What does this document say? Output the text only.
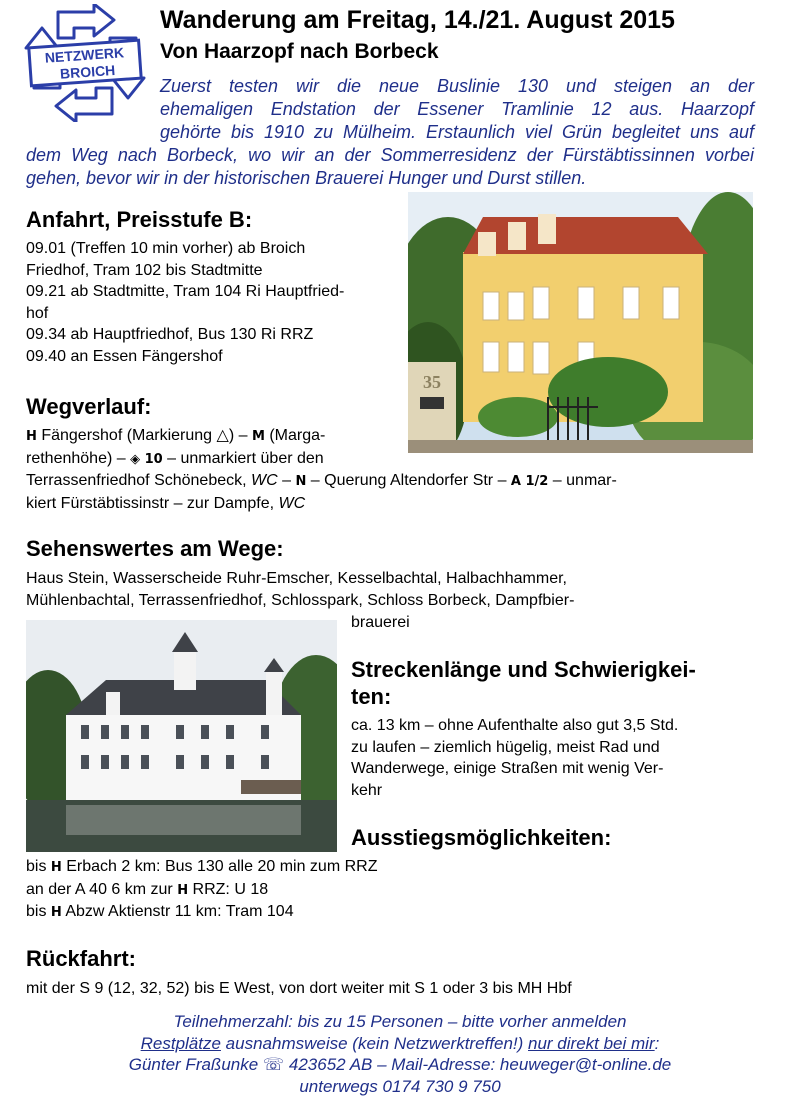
NETZWERK
BROICH
Wanderung am Freitag, 14./21. August 2015
Von Haarzopf nach Borbeck
Zuerst testen wir die neue Buslinie 130 und steigen an der
ehemaligen Endstation der Essener Tramlinie 12 aus. Haarzopf
gehörte bis 1910 zu Mülheim. Erstaunlich viel Grün begleitet uns auf
dem Weg nach Borbeck, wo wir an der Sommerresidenz der Fürstäbtissinnen vorbei
gehen, bevor wir in der historischen Brauerei Hunger und Durst stillen.
Anfahrt, Preisstufe B:
09.01 (Treffen 10 min vorher) ab Broich
Friedhof, Tram 102 bis Stadtmitte
09.21 ab Stadtmitte, Tram 104 Ri Hauptfried-
hof
09.34 ab Hauptfriedhof, Bus 130 Ri RRZ
09.40 an Essen Fängershof
35
Wegverlauf:
H Fängershof (Markierung △) – M (Marga-
rethenhöhe) – ◈ 10 – unmarkiert über den
Terrassenfriedhof Schönebeck, WC – N – Querung Altendorfer Str – A 1/2 – unmar-
kiert Fürstäbtissinstr – zur Dampfe, WC
Sehenswertes am Wege:
Haus Stein, Wasserscheide Ruhr-Emscher, Kesselbachtal, Halbachhammer,
Mühlenbachtal, Terrassenfriedhof, Schlosspark, Schloss Borbeck, Dampfbier-
brauerei
Streckenlänge und Schwierigkei-
ten:
ca. 13 km – ohne Aufenthalte also gut 3,5 Std.
zu laufen – ziemlich hügelig, meist Rad und
Wanderwege, einige Straßen mit wenig Ver-
kehr
Ausstiegsmöglichkeiten:
bis H Erbach 2 km: Bus 130 alle 20 min zum RRZ
an der A 40 6 km zur H RRZ: U 18
bis H Abzw Aktienstr 11 km: Tram 104
Rückfahrt:
mit der S 9 (12, 32, 52) bis E West, von dort weiter mit S 1 oder 3 bis MH Hbf
Teilnehmerzahl: bis zu 15 Personen – bitte vorher anmelden
Restplätze ausnahmsweise (kein Netzwerktreffen!) nur direkt bei mir:
Günter Fraßunke ☏ 423652 AB – Mail-Adresse: heuweger@t-online.de
unterwegs 0174 730 9 750
